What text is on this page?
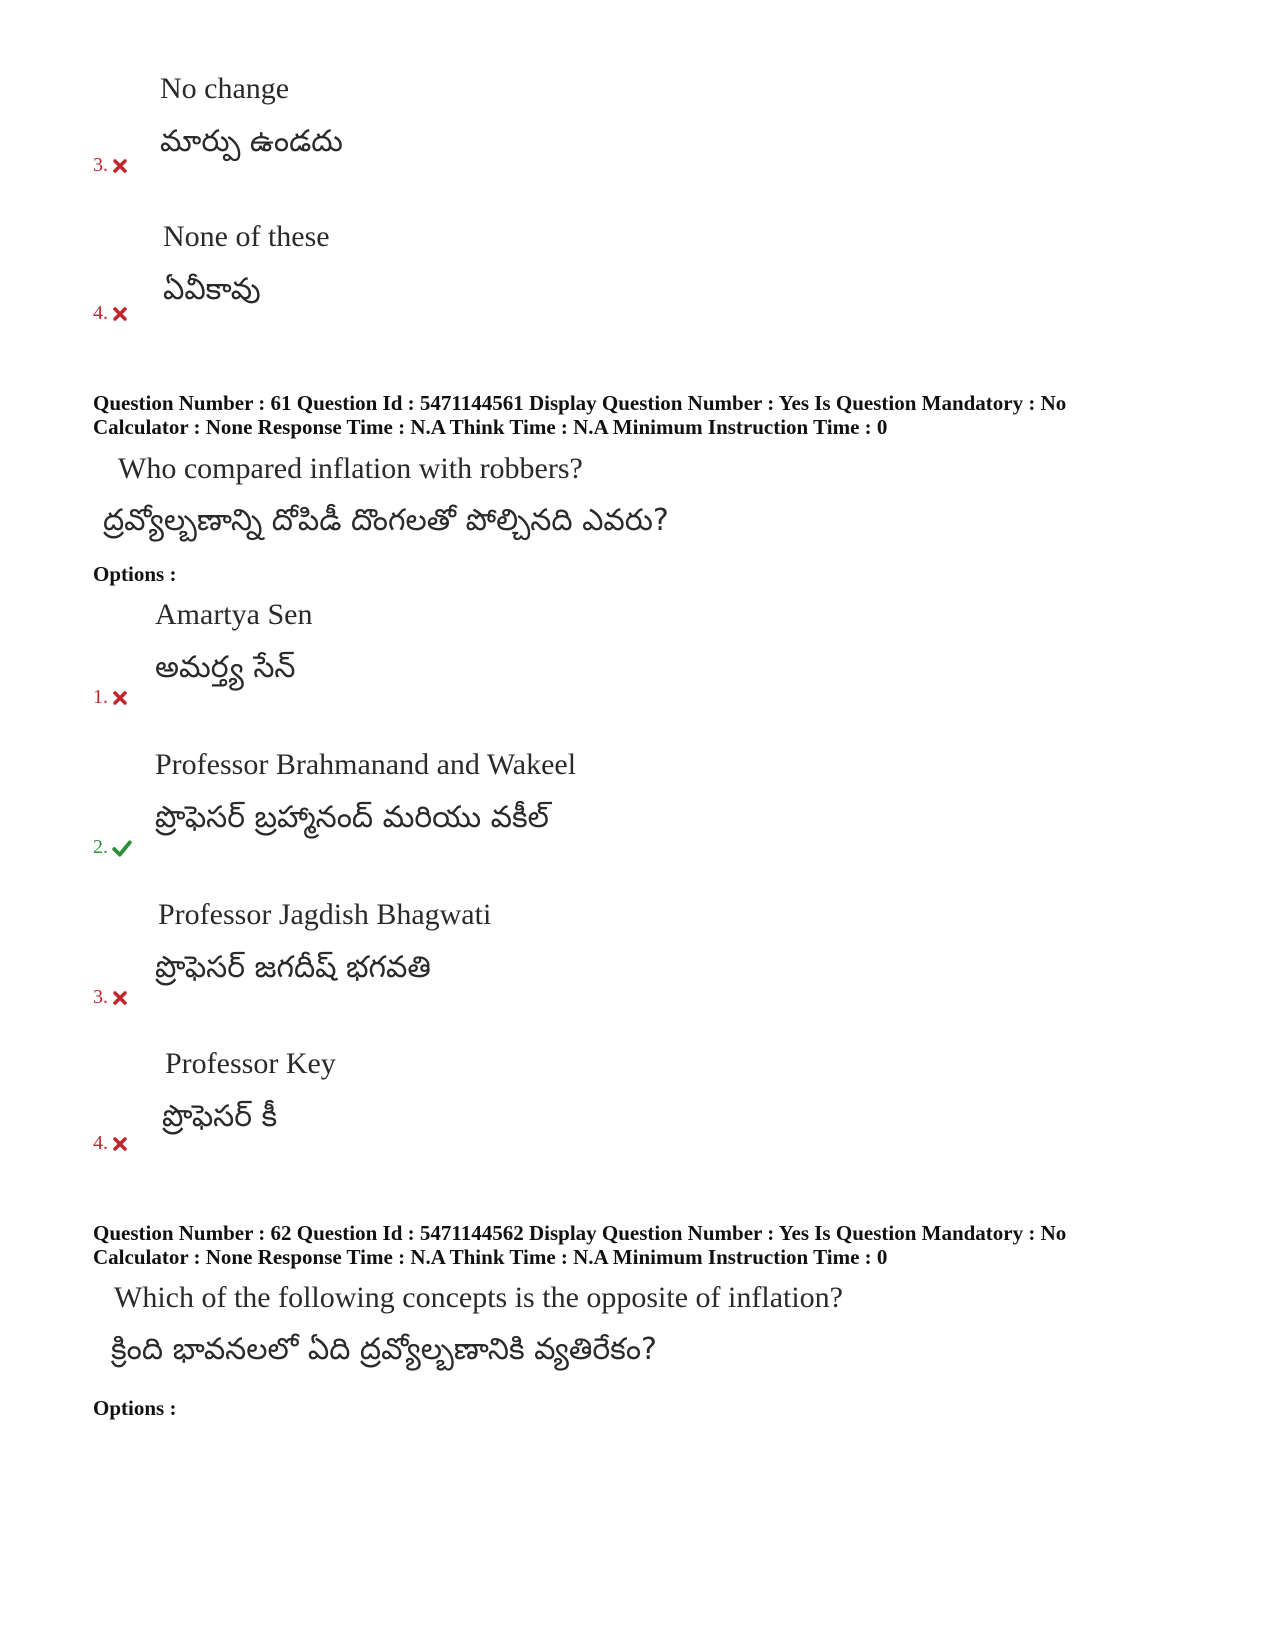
No change
మార్పు ఉండదు
3.
None of these
ఏవీకావు
4.
Question Number : 61 Question Id : 5471144561 Display Question Number : Yes Is Question Mandatory : No
Calculator : None Response Time : N.A Think Time : N.A Minimum Instruction Time : 0
Who compared inflation with robbers?
ద్రవ్యోల్బణాన్ని దోపిడీ దొంగలతో పోల్చినది ఎవరు?
Options :
Amartya Sen
అమర్త్య సేన్
1.
Professor Brahmanand and Wakeel
ప్రొఫెసర్ బ్రహ్మానంద్ మరియు వకీల్
2.
Professor Jagdish Bhagwati
ప్రొఫెసర్ జగదీష్ భగవతి
3.
Professor Key
ప్రొఫెసర్ కీ
4.
Question Number : 62 Question Id : 5471144562 Display Question Number : Yes Is Question Mandatory : No
Calculator : None Response Time : N.A Think Time : N.A Minimum Instruction Time : 0
Which of the following concepts is the opposite of inflation?
క్రింది భావనలలో ఏది ద్రవ్యోల్బణానికి వ్యతిరేకం?
Options :
